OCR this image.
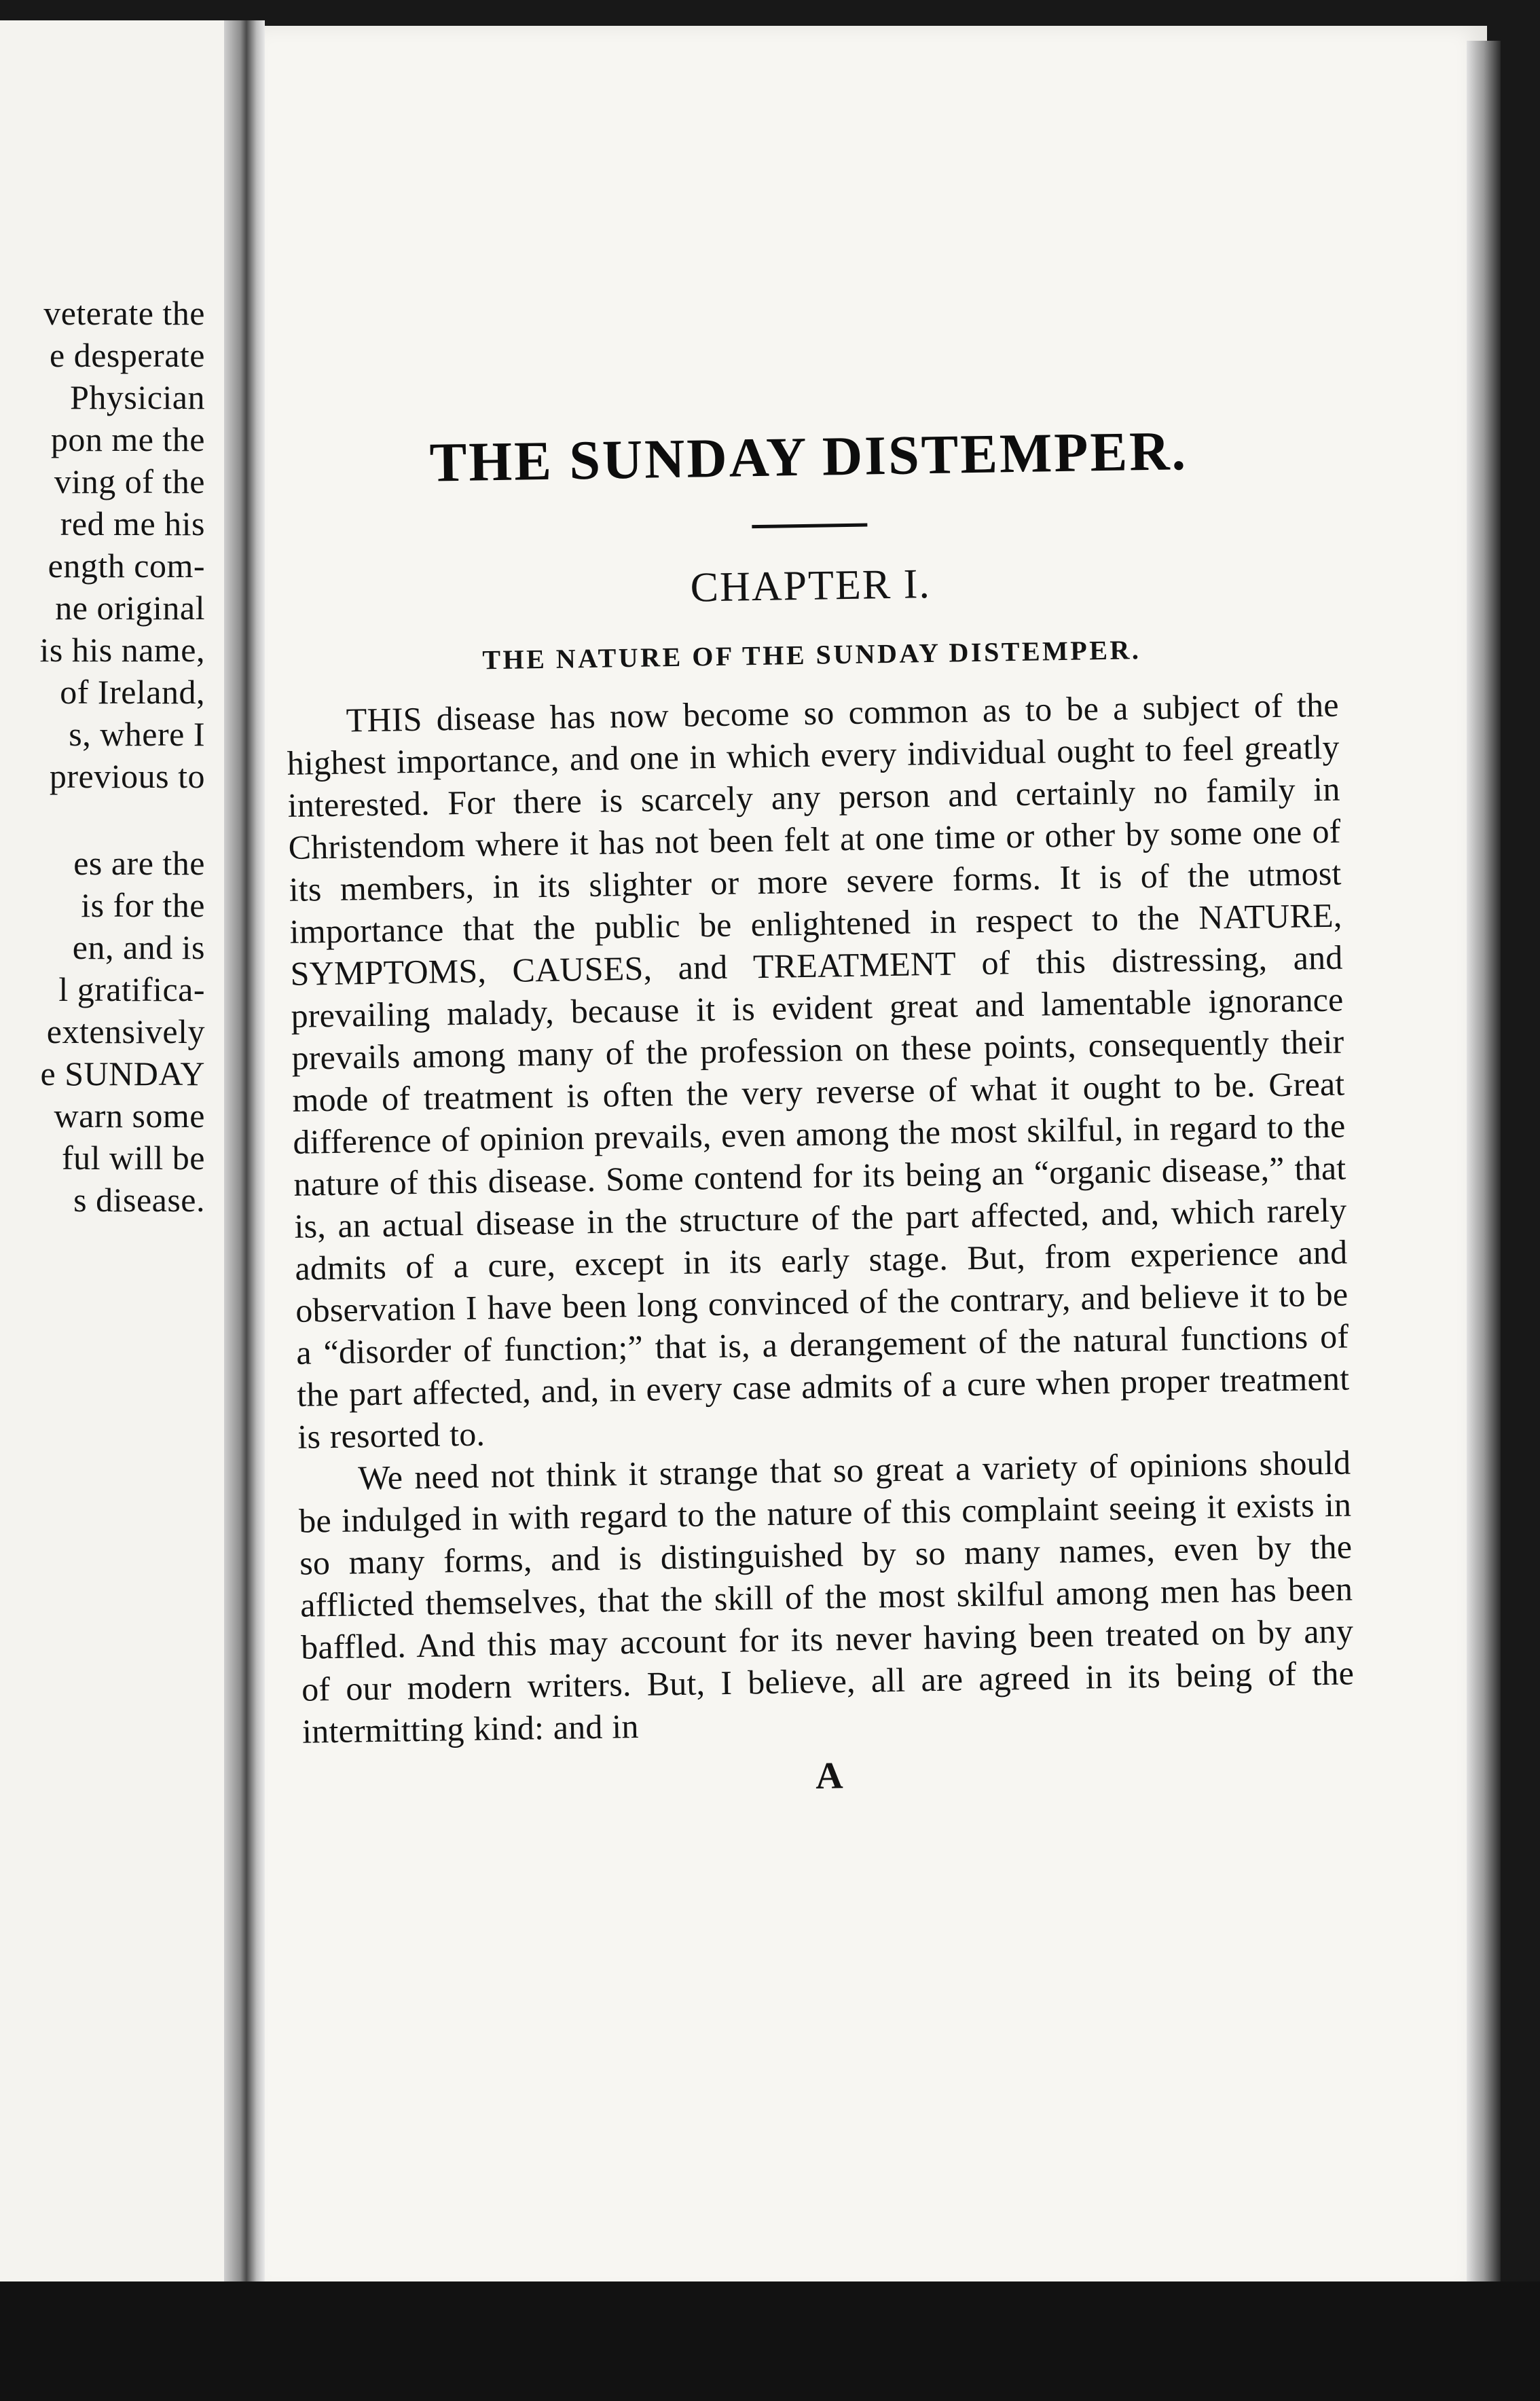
veterate the
e desperate
Physician
pon me the
ving of the
red me his
ength com-
ne original
is his name,
of Ireland,
s, where I
previous to
es are the
is for the
en, and is
l gratifica-
extensively
e SUNDAY
warn some
ful will be
s disease.
THE SUNDAY DISTEMPER.
CHAPTER I.
THE NATURE OF THE SUNDAY DISTEMPER.

THIS disease has now become so common as to be a subject of the highest importance, and one in which every individual ought to feel greatly interested. For there is scarcely any person and certainly no family in Christendom where it has not been felt at one time or other by some one of its members, in its slighter or more severe forms. It is of the utmost importance that the public be enlightened in respect to the NATURE, SYMPTOMS, CAUSES, and TREATMENT of this distressing, and prevailing malady, because it is evident great and lamentable ignorance prevails among many of the profession on these points, consequently their mode of treatment is often the very reverse of what it ought to be. Great difference of opinion prevails, even among the most skilful, in regard to the nature of this disease. Some contend for its being an “organic disease,” that is, an actual disease in the structure of the part affected, and, which rarely admits of a cure, except in its early stage. But, from experience and observation I have been long convinced of the contrary, and believe it to be a “disorder of function;” that is, a derangement of the natural functions of the part affected, and, in every case admits of a cure when proper treatment is resorted to.

We need not think it strange that so great a variety of opinions should be indulged in with regard to the nature of this complaint seeing it exists in so many forms, and is distinguished by so many names, even by the afflicted themselves, that the skill of the most skilful among men has been baffled. And this may account for its never having been treated on by any of our modern writers. But, I believe, all are agreed in its being of the intermitting kind: and in

A
